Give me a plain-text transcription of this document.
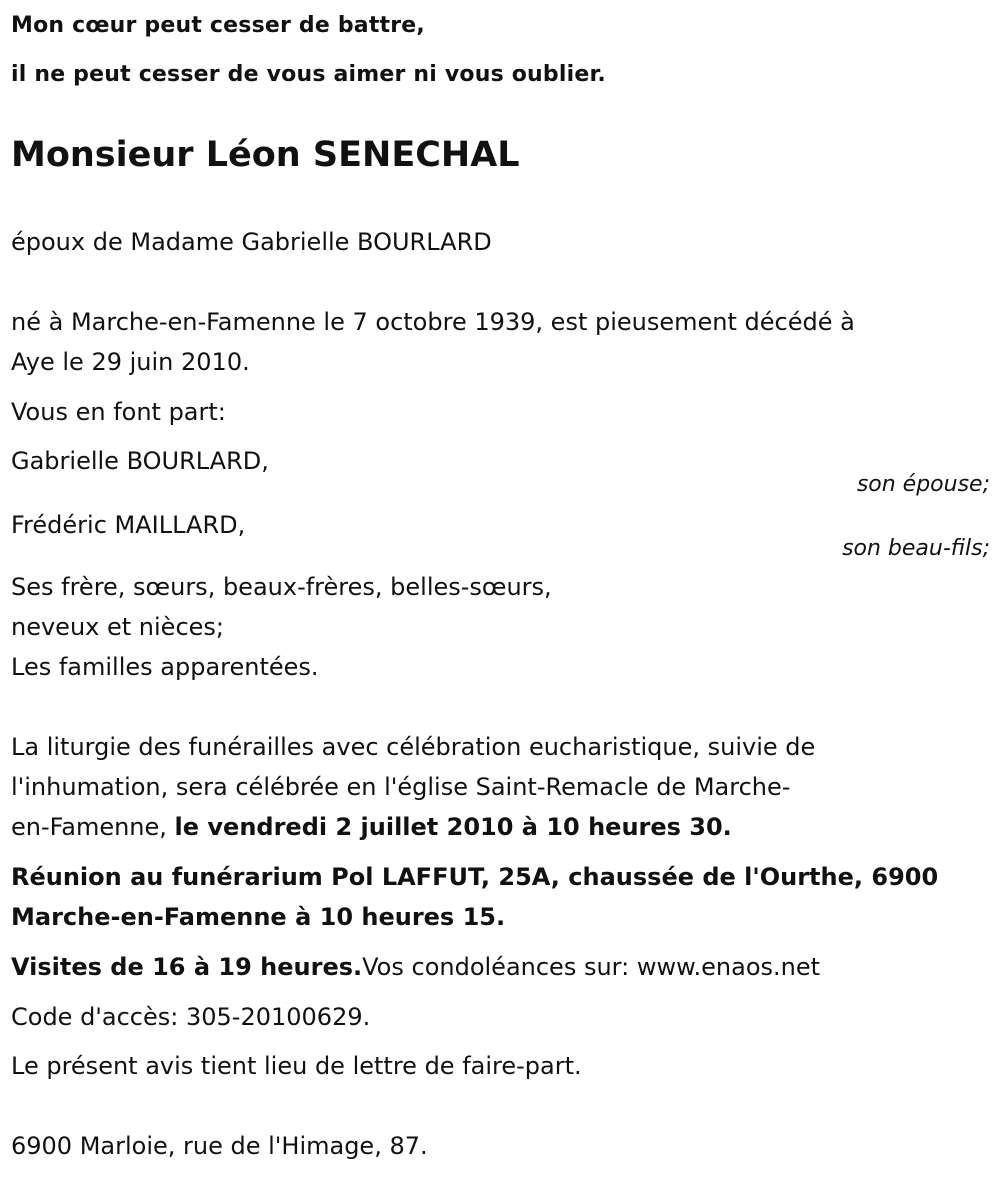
Mon cœur peut cesser de battre,
il ne peut cesser de vous aimer ni vous oublier.
Monsieur Léon SENECHAL
époux de Madame Gabrielle BOURLARD
né à Marche-en-Famenne le 7 octobre 1939, est pieusement décédé à
Aye le 29 juin 2010.
Vous en font part:
Gabrielle BOURLARD,
son épouse;
Frédéric MAILLARD,
son beau-fils;
Ses frère, sœurs, beaux-frères, belles-sœurs,
neveux et nièces;
Les familles apparentées.
La liturgie des funérailles avec célébration eucharistique, suivie de
l'inhumation, sera célébrée en l'église Saint-Remacle de Marche-
en-Famenne, le vendredi 2 juillet 2010 à 10 heures 30.
Réunion au funérarium Pol LAFFUT, 25A, chaussée de l'Ourthe, 6900
Marche-en-Famenne à 10 heures 15.
Visites de 16 à 19 heures.Vos condoléances sur: www.enaos.net
Code d'accès: 305-20100629.
Le présent avis tient lieu de lettre de faire-part.
6900 Marloie, rue de l'Himage, 87.
